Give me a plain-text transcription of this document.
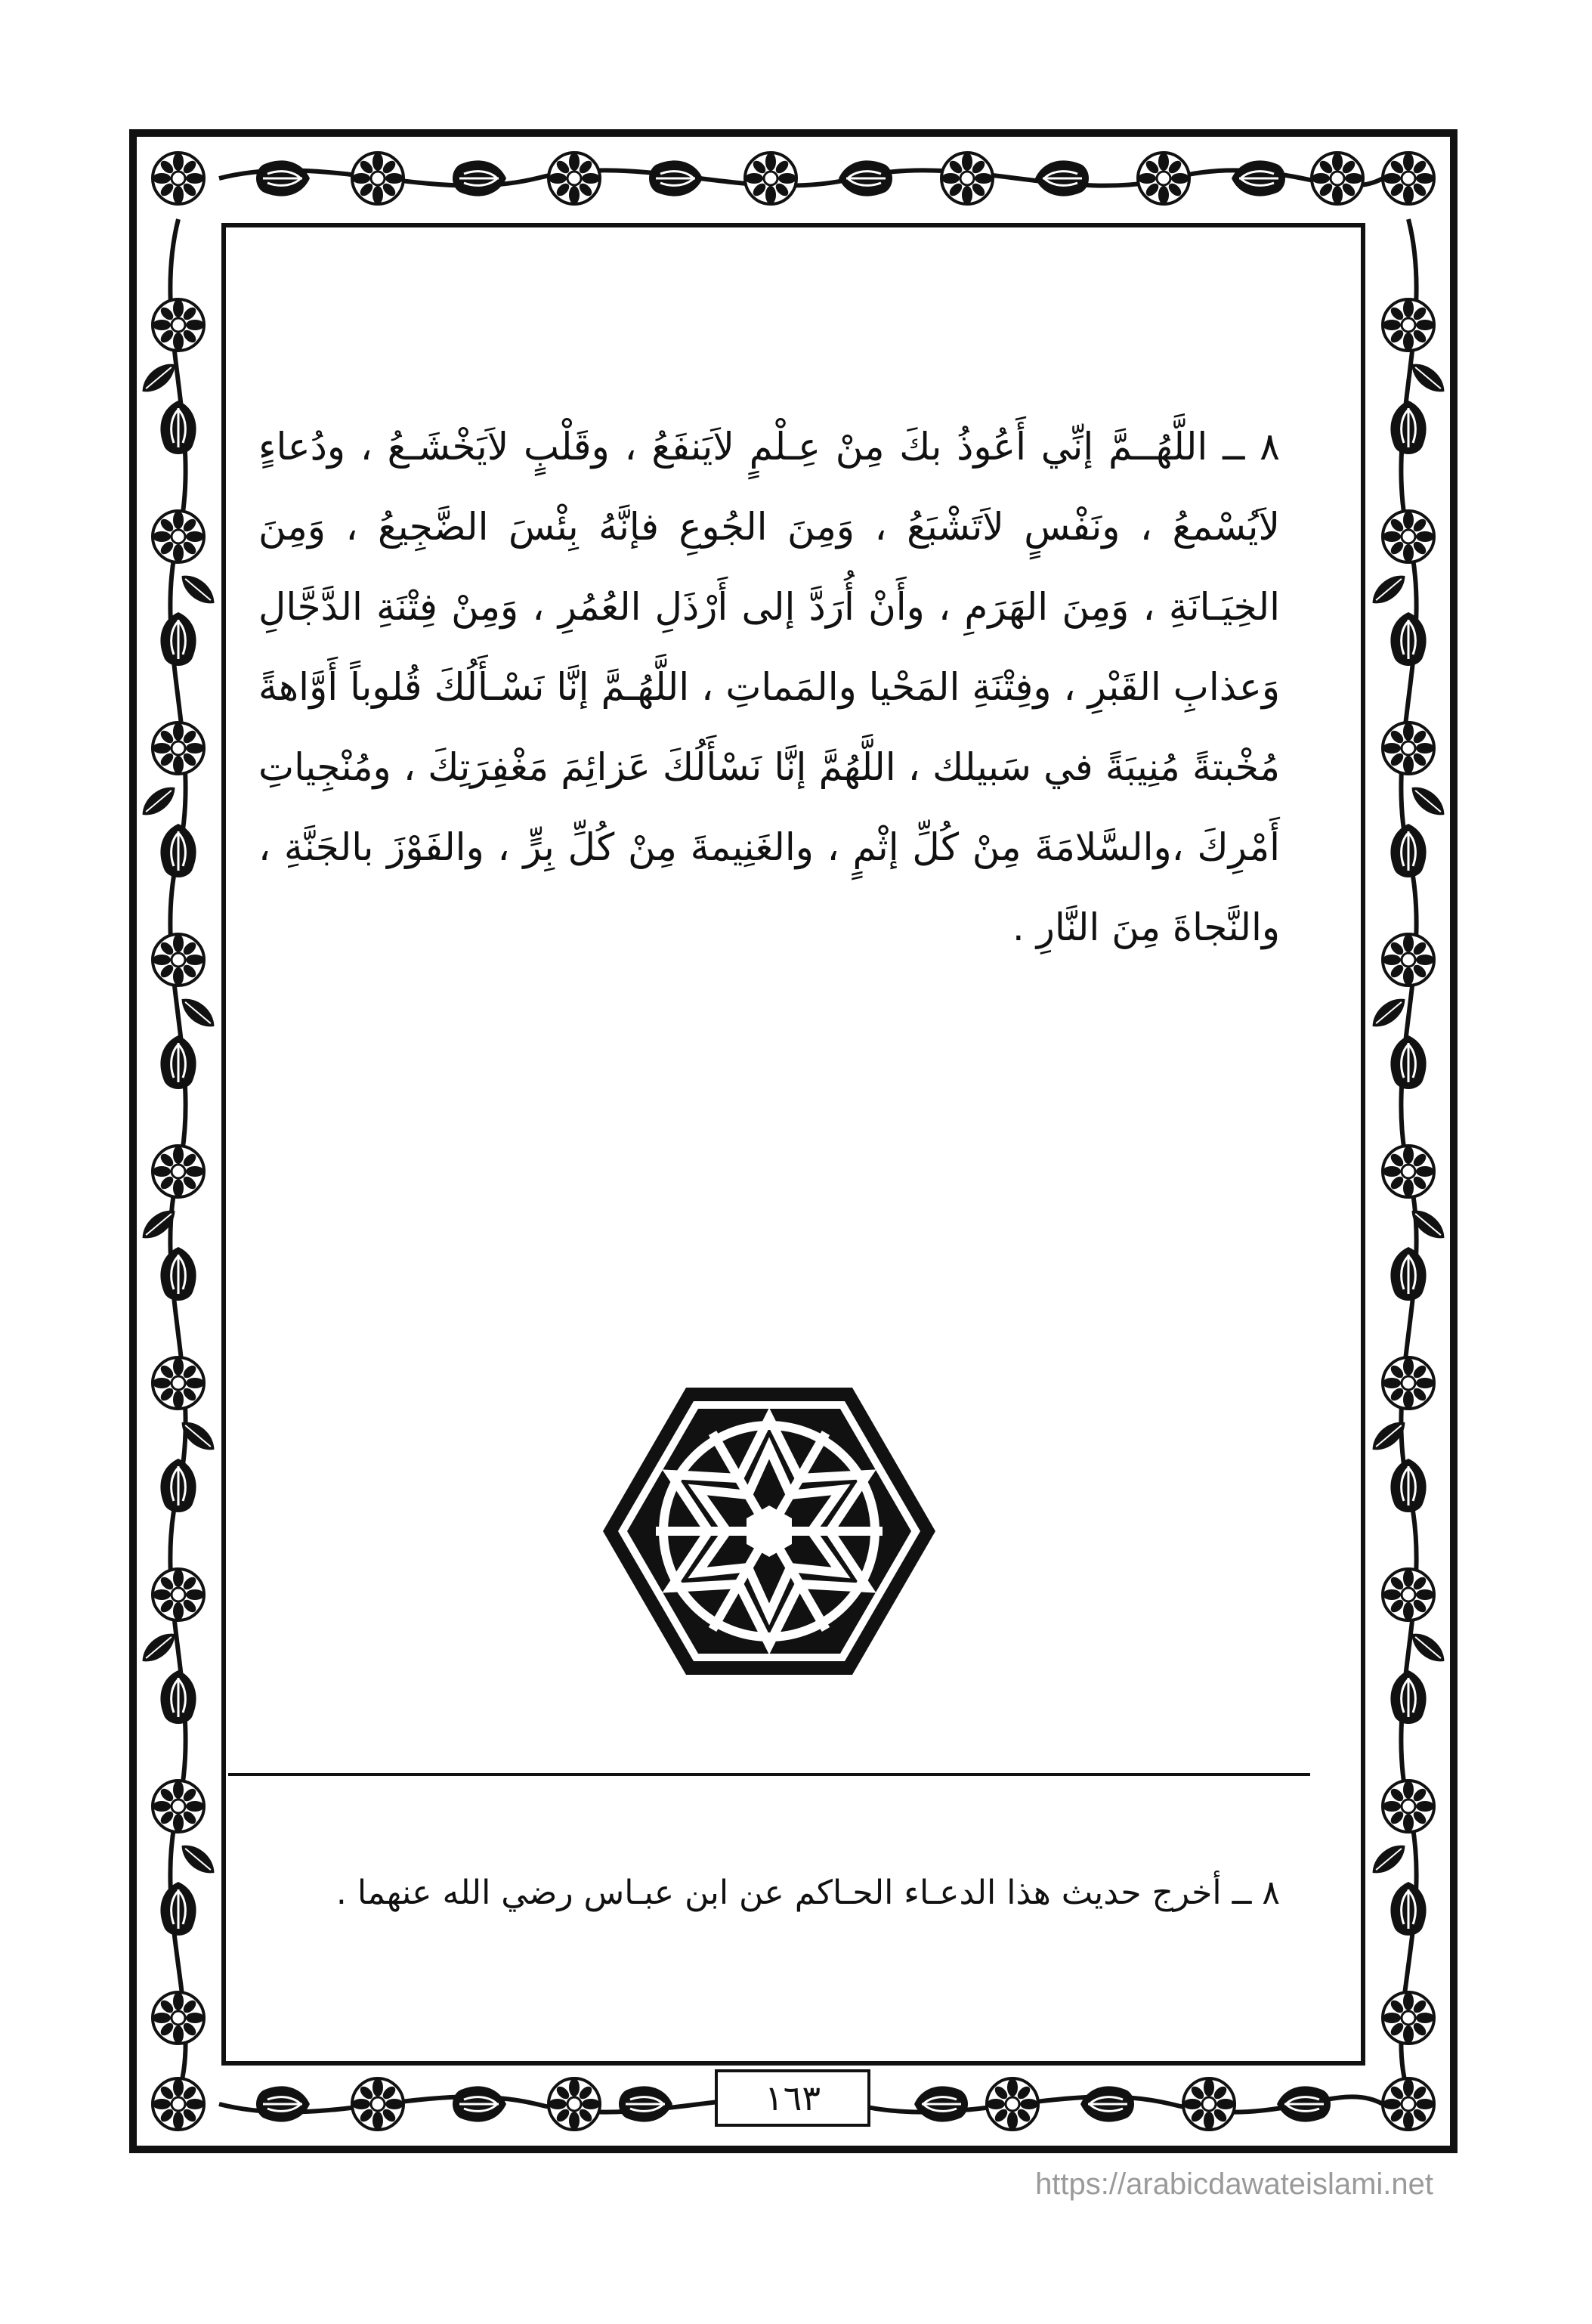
٨ ــ اللَّهُــمَّ إنِّي أَعُوذُ بكَ مِنْ عِـلْمٍ لاَيَنفَعُ ، وقَلْبٍ لاَيَخْشَـعُ ، ودُعاءٍ لاَيُسْمعُ ، ونَفْسٍ لاَتَشْبَعُ ، وَمِنَ الجُوعِ فإنَّهُ بِئْسَ الضَّجِيعُ ، وَمِنَ الخِيَـانَةِ ، وَمِنَ الهَرَمِ ، وأَنْ أُرَدَّ إلى أَرْذَلِ العُمُرِ ، وَمِنْ فِتْنَةِ الدَّجَّالِ وَعذابِ القَبْرِ ، وفِتْنَةِ المَحْيا والمَماتِ ، اللَّهُـمَّ إنَّا نَسْـأَلُكَ قُلوباً أَوَّاهةً مُخْبتةً مُنِيبَةً في سَبيلك ، اللَّهُمَّ إنَّا نَسْأَلُكَ عَزائِمَ مَغْفِرَتِكَ ، ومُنْجِياتِ أَمْرِكَ ،والسَّلامَةَ مِنْ كُلِّ إثْمٍ ، والغَنِيمةَ مِنْ كُلِّ بِرٍّ ، والفَوْزَ بالجَنَّةِ ، والنَّجاةَ مِنَ النَّارِ .

٨ ــ أخرج حديث هذا الدعـاء الحـاكم عن ابن عبـاس رضي الله عنهما .

١٦٣
https://arabicdawateislami.net
